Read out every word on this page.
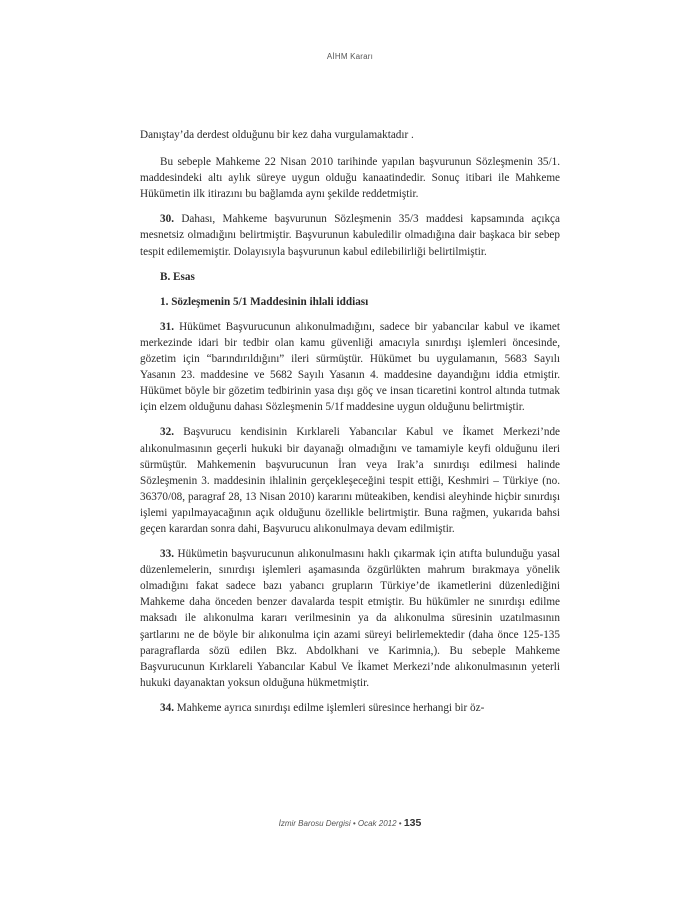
AİHM Kararı

Danıştay’da derdest olduğunu bir kez daha vurgulamaktadır .

Bu sebeple Mahkeme 22 Nisan 2010 tarihinde yapılan başvurunun Sözleşmenin 35/1. maddesindeki altı aylık süreye uygun olduğu kanaatindedir. Sonuç itibari ile Mahkeme Hükümetin ilk itirazını bu bağlamda aynı şekilde reddetmiştir.

30. Dahası, Mahkeme başvurunun Sözleşmenin 35/3 maddesi kapsamında açıkça mesnetsiz olmadığını belirtmiştir. Başvurunun kabuledilir olmadığına dair başkaca bir sebep tespit edilememiştir. Dolayısıyla başvurunun kabul edilebilirliği belirtilmiştir.

B. Esas

1. Sözleşmenin 5/1 Maddesinin ihlali iddiası

31. Hükümet Başvurucunun alıkonulmadığını, sadece bir yabancılar kabul ve ikamet merkezinde idari bir tedbir olan kamu güvenliği amacıyla sınırdışı işlemleri öncesinde, gözetim için “barındırıldığını” ileri sürmüştür. Hükümet bu uygulamanın, 5683 Sayılı Yasanın 23. maddesine ve 5682 Sayılı Yasanın 4. maddesine dayandığını iddia etmiştir. Hükümet böyle bir gözetim tedbirinin yasa dışı göç ve insan ticaretini kontrol altında tutmak için elzem olduğunu dahası Sözleşmenin 5/1f maddesine uygun olduğunu belirtmiştir.

32. Başvurucu kendisinin Kırklareli Yabancılar Kabul ve İkamet Merkezi’nde alıkonulmasının geçerli hukuki bir dayanağı olmadığını ve tamamiyle keyfi olduğunu ileri sürmüştür. Mahkemenin başvurucunun İran veya Irak’a sınırdışı edilmesi halinde Sözleşmenin 3. maddesinin ihlalinin gerçekleşeceğini tespit ettiği, Keshmiri – Türkiye (no. 36370/08, paragraf 28, 13 Nisan 2010) kararını müteakiben, kendisi aleyhinde hiçbir sınırdışı işlemi yapılmayacağının açık olduğunu özellikle belirtmiştir. Buna rağmen, yukarıda bahsi geçen karardan sonra dahi, Başvurucu alıkonulmaya devam edilmiştir.

33. Hükümetin başvurucunun alıkonulmasını haklı çıkarmak için atıfta bulunduğu yasal düzenlemelerin, sınırdışı işlemleri aşamasında özgürlükten mahrum bırakmaya yönelik olmadığını fakat sadece bazı yabancı grupların Türkiye’de ikametlerini düzenlediğini Mahkeme daha önceden benzer davalarda tespit etmiştir. Bu hükümler ne sınırdışı edilme maksadı ile alıkonulma kararı verilmesinin ya da alıkonulma süresinin uzatılmasının şartlarını ne de böyle bir alıkonulma için azami süreyi belirlemektedir (daha önce 125-135 paragraflarda sözü edilen Bkz. Abdolkhani ve Karimnia,). Bu sebeple Mahkeme Başvurucunun Kırklareli Yabancılar Kabul Ve İkamet Merkezi’nde alıkonulmasının yeterli hukuki dayanaktan yoksun olduğuna hükmetmiştir.

34. Mahkeme ayrıca sınırdışı edilme işlemleri süresince herhangi bir öz-

İzmir Barosu Dergisi • Ocak 2012 • 135
